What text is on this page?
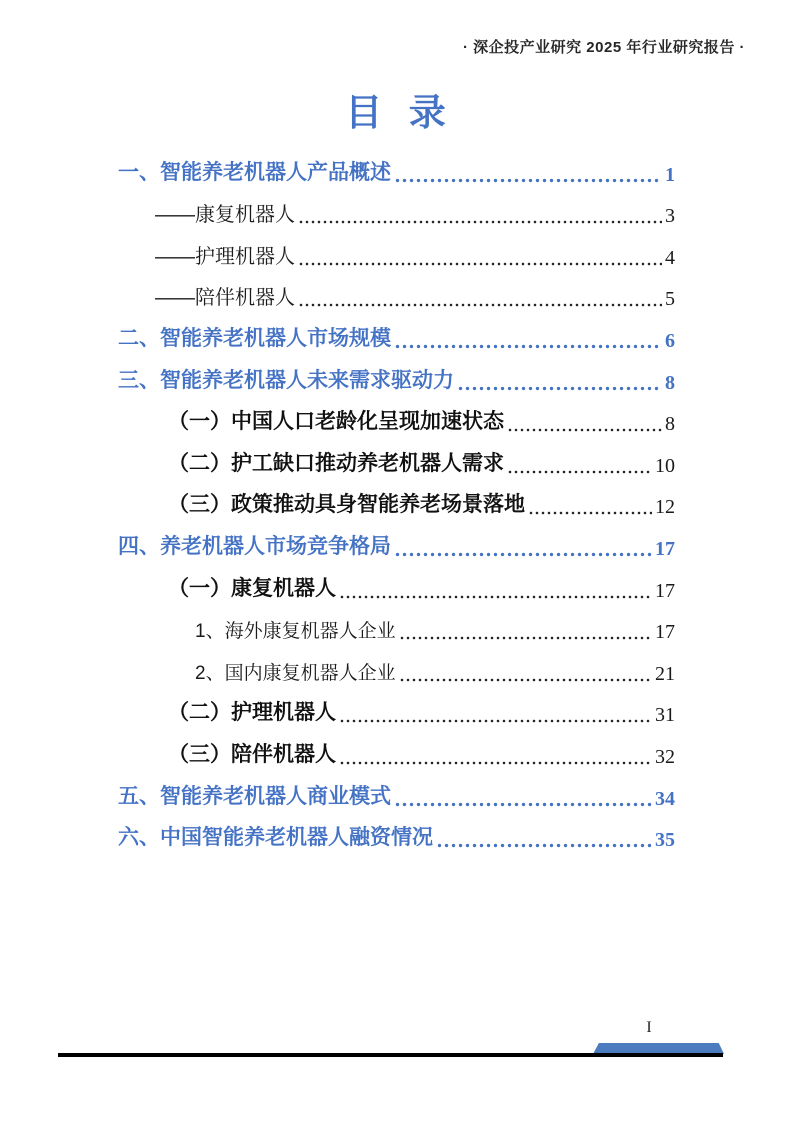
· 深企投产业研究 2025 年行业研究报告 ·
目  录
一、智能养老机器人产品概述	1
——康复机器人	3
——护理机器人	4
——陪伴机器人	5
二、智能养老机器人市场规模	6
三、智能养老机器人未来需求驱动力	8
（一）中国人口老龄化呈现加速状态	8
（二）护工缺口推动养老机器人需求	10
（三）政策推动具身智能养老场景落地	12
四、养老机器人市场竞争格局	17
（一）康复机器人	17
1、海外康复机器人企业	17
2、国内康复机器人企业	21
（二）护理机器人	31
（三）陪伴机器人	32
五、智能养老机器人商业模式	34
六、中国智能养老机器人融资情况	35
I
